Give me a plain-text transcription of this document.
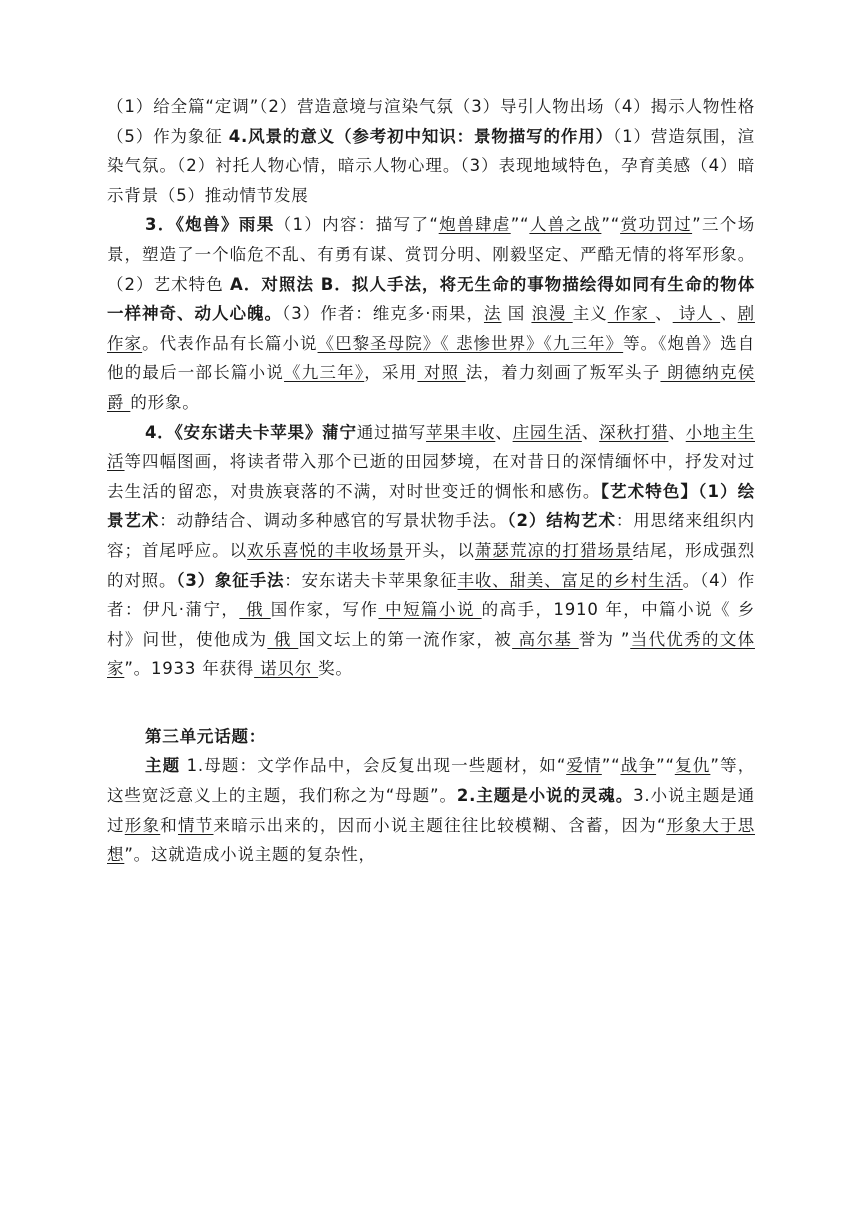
（1）给全篇“定调”（2）营造意境与渲染气氛（3）导引人物出场（4）揭示人物性格（5）作为象征 4.风景的意义（参考初中知识：景物描写的作用）（1）营造氛围，渲染气氛。（2）衬托人物心情，暗示人物心理。（3）表现地域特色，孕育美感（4）暗示背景（5）推动情节发展

3．《炮兽》雨果（1）内容：描写了“炮兽肆虐”“人兽之战”“赏功罚过”三个场景，塑造了一个临危不乱、有勇有谋、赏罚分明、刚毅坚定、严酷无情的将军形象。（2）艺术特色 A．对照法 B．拟人手法，将无生命的事物描绘得如同有生命的物体一样神奇、动人心魄。（3）作者：维克多·雨果，法 国 浪漫 主义 作家 、 诗人 、剧作家。代表作品有长篇小说《巴黎圣母院》《 悲惨世界》《九三年》等。《炮兽》选自他的最后一部长篇小说《九三年》，采用 对照 法，着力刻画了叛军头子 朗德纳克侯爵 的形象。

4．《安东诺夫卡苹果》蒲宁通过描写苹果丰收、庄园生活、深秋打猎、小地主生活等四幅图画，将读者带入那个已逝的田园梦境，在对昔日的深情缅怀中，抒发对过去生活的留恋，对贵族衰落的不满，对时世变迁的惆怅和感伤。【艺术特色】（1）绘景艺术：动静结合、调动多种感官的写景状物手法。（2）结构艺术：用思绪来组织内容；首尾呼应。以欢乐喜悦的丰收场景开头，以萧瑟荒凉的打猎场景结尾，形成强烈的对照。（3）象征手法：安东诺夫卡苹果象征丰收、甜美、富足的乡村生活。（4）作者：伊凡·蒲宁， 俄 国作家，写作 中短篇小说 的高手，1910 年，中篇小说《 乡村》问世，使他成为 俄 国文坛上的第一流作家，被 高尔基 誉为 ”当代优秀的文体家”。1933 年获得 诺贝尔 奖。

第三单元话题：

主题 1.母题：文学作品中，会反复出现一些题材，如“爱情”“战争”“复仇”等，这些宽泛意义上的主题，我们称之为“母题”。2.主题是小说的灵魂。3.小说主题是通过形象和情节来暗示出来的，因而小说主题往往比较模糊、含蓄，因为“形象大于思想”。这就造成小说主题的复杂性，
